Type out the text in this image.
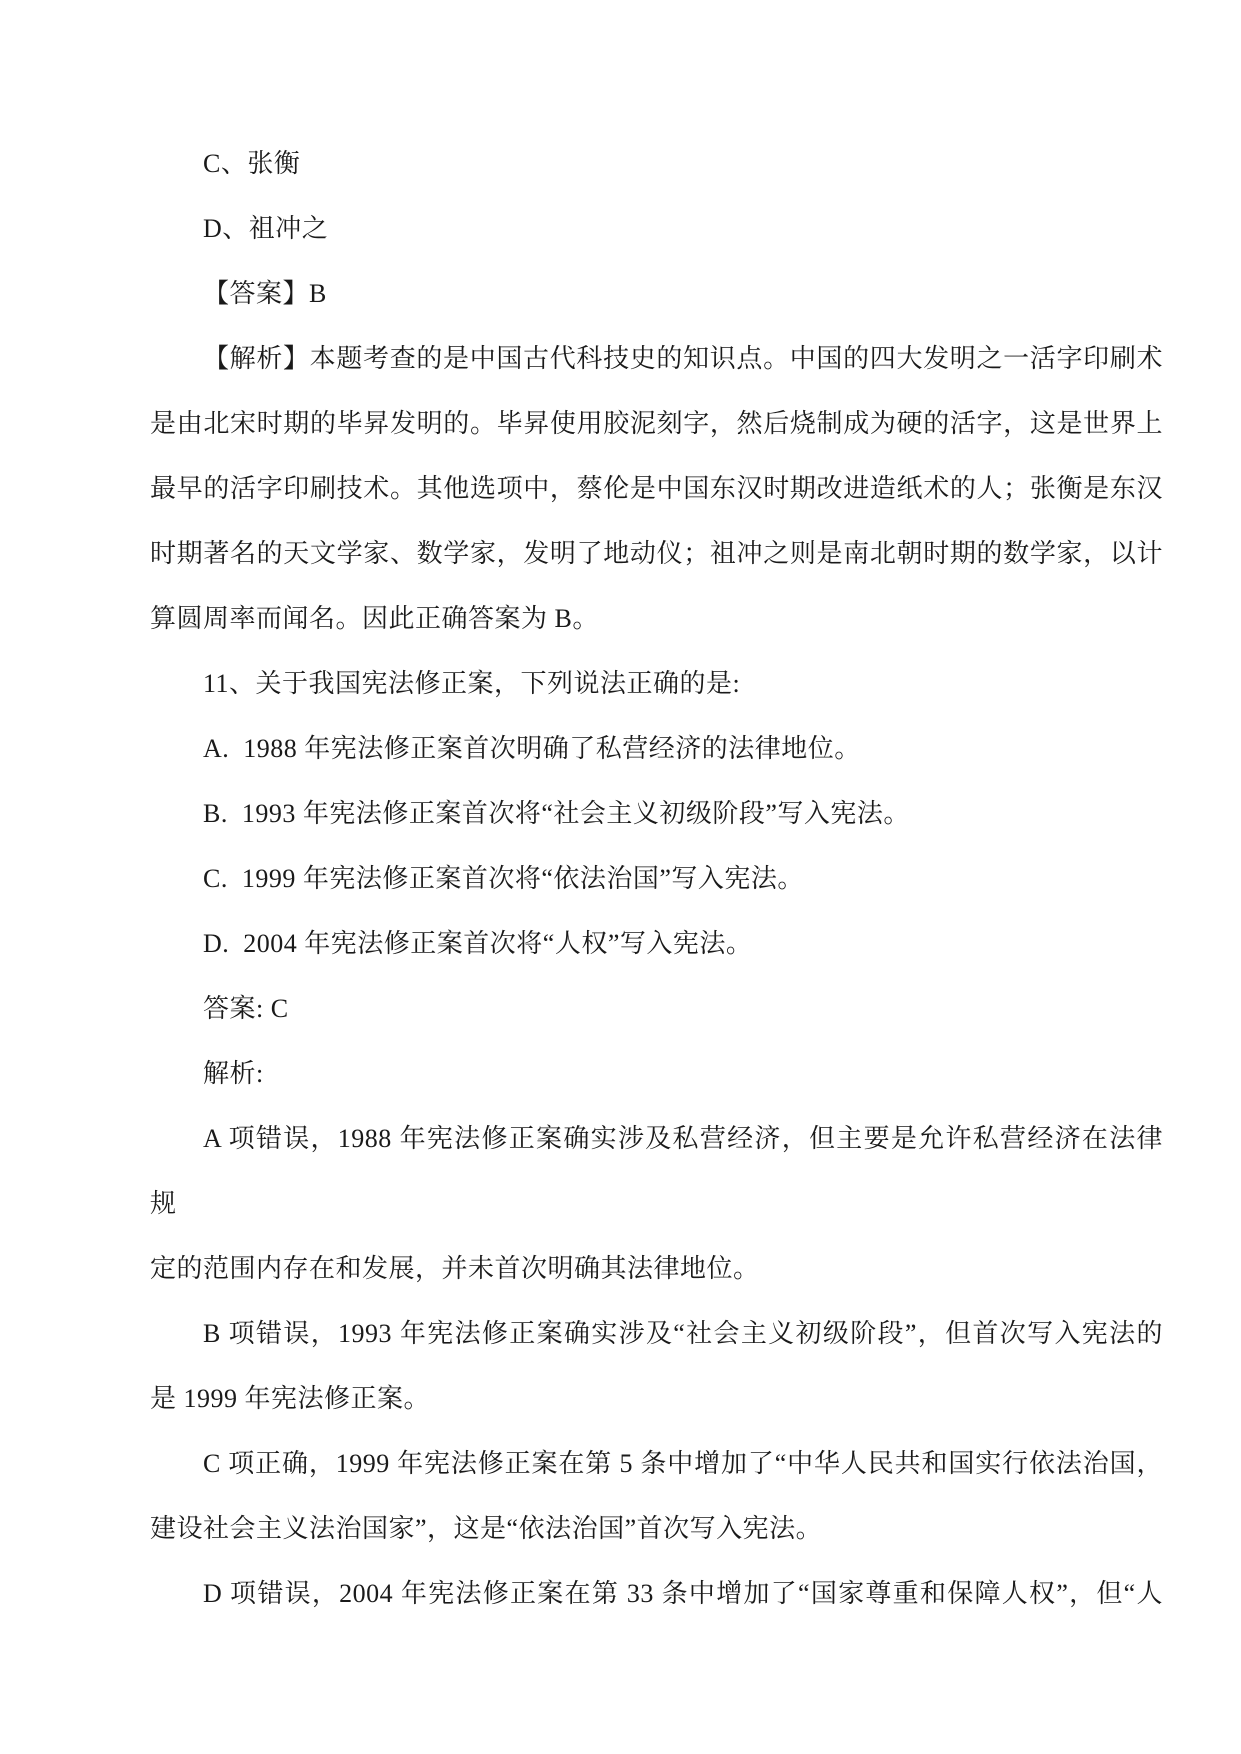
C、张衡
D、祖冲之
【答案】B
【解析】本题考查的是中国古代科技史的知识点。中国的四大发明之一活字印刷术
是由北宋时期的毕昇发明的。毕昇使用胶泥刻字，然后烧制成为硬的活字，这是世界上
最早的活字印刷技术。其他选项中，蔡伦是中国东汉时期改进造纸术的人；张衡是东汉
时期著名的天文学家、数学家，发明了地动仪；祖冲之则是南北朝时期的数学家，以计
算圆周率而闻名。因此正确答案为 B。
11、关于我国宪法修正案，下列说法正确的是:
A.  1988 年宪法修正案首次明确了私营经济的法律地位。
B.  1993 年宪法修正案首次将“社会主义初级阶段”写入宪法。
C.  1999 年宪法修正案首次将“依法治国”写入宪法。
D.  2004 年宪法修正案首次将“人权”写入宪法。
答案: C
解析:
A 项错误，1988 年宪法修正案确实涉及私营经济，但主要是允许私营经济在法律规
定的范围内存在和发展，并未首次明确其法律地位。
B 项错误，1993 年宪法修正案确实涉及“社会主义初级阶段”，但首次写入宪法的
是 1999 年宪法修正案。
C 项正确，1999 年宪法修正案在第 5 条中增加了“中华人民共和国实行依法治国，
建设社会主义法治国家”，这是“依法治国”首次写入宪法。
D 项错误，2004 年宪法修正案在第 33 条中增加了“国家尊重和保障人权”，但“人
